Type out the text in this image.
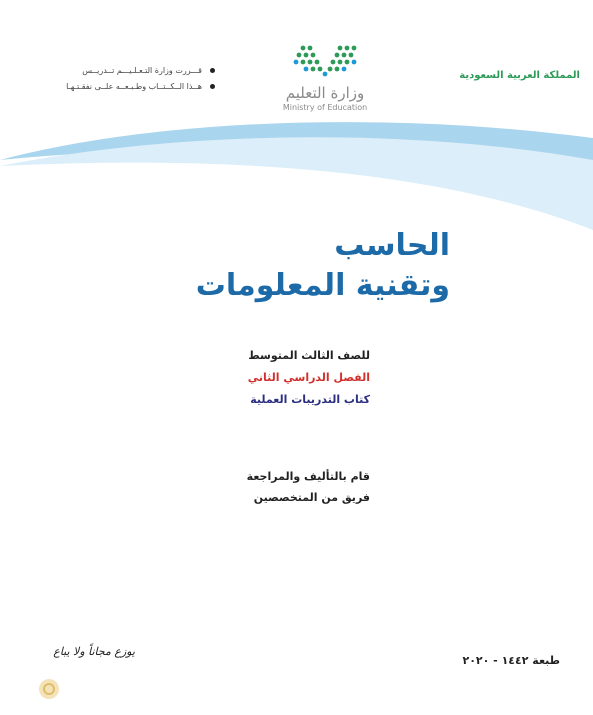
المملكة العربية السعودية
وزارة التعليم
Ministry of Education
قـــررت وزارة التـعـلـيـــم تــدريــس
هــذا الــكــتــاب وطـبـعــه علــى نفقـتـهـا
الحاسب
وتقنية المعلومات
للصف الثالث المتوسط
الفصل الدراسي الثاني
كتاب التدريبات العملية
قام بالتأليف والمراجعة
فريق من المتخصصين
طبعة ١٤٤٢ - ٢٠٢٠
يوزع مجاناً ولا يباع
